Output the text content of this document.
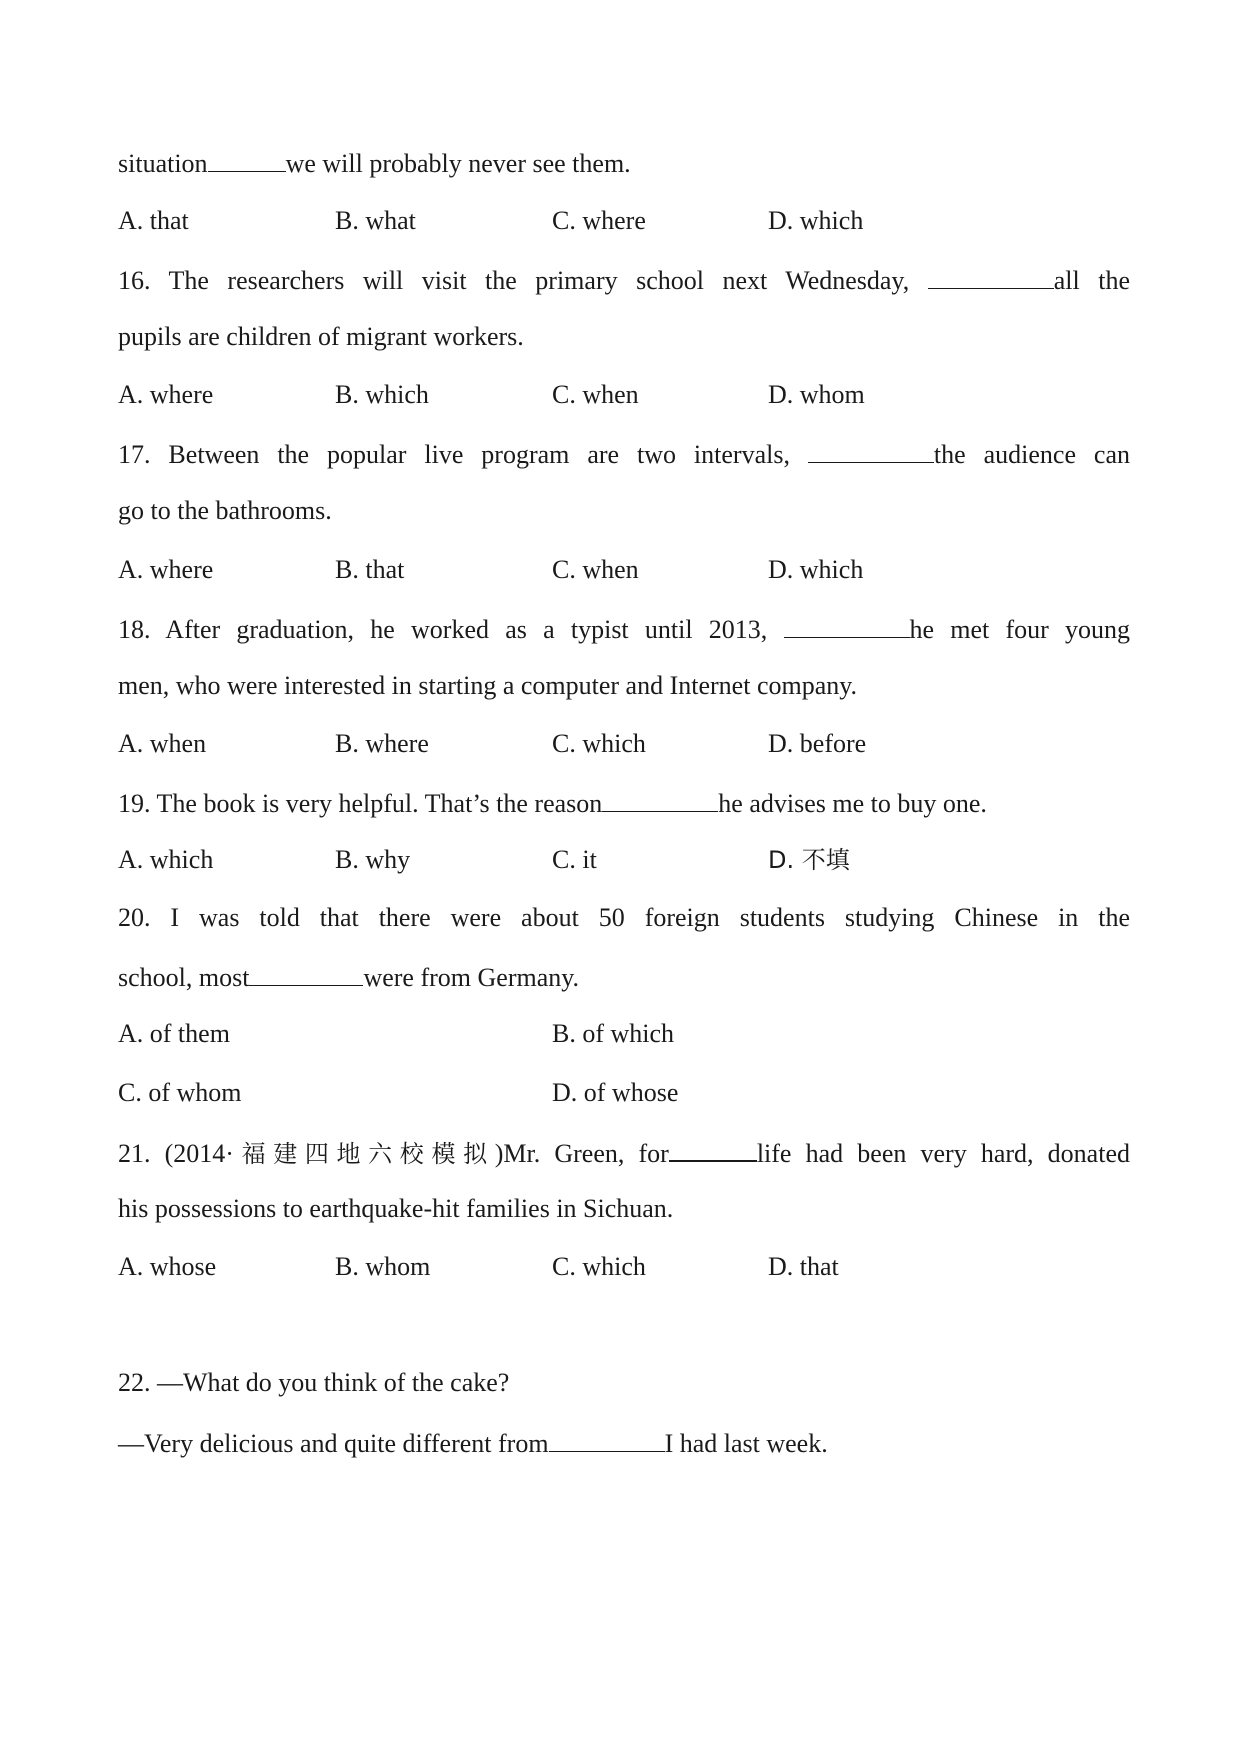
situation	we will probably never see them.
A. that	B. what	C. where	D. which
16. The researchers will visit the primary school next Wednesday,	all the
pupils are children of migrant workers.
A. where	B. which	C. when	D. whom
17. Between the popular live program are two intervals,	the audience can
go to the bathrooms.
A. where	B. that	C. when	D. which
18. After graduation, he worked as a typist until 2013,	he met four young
men, who were interested in starting a computer and Internet company.
A. when	B. where	C. which	D. before
19. The book is very helpful. That’s the reason	he advises me to buy one.
A. which	B. why	C. it	D. 不填
20. I was told that there were about 50 foreign students studying Chinese in the
school, most	were from Germany.
A. of them	B. of which
C. of whom	D. of whose
21. (2014·福建四地六校模拟)Mr. Green, for	life had been very hard, donated
his possessions to earthquake-hit families in Sichuan.
A. whose	B. whom	C. which	D. that
22. —What do you think of the cake?
—Very delicious and quite different from	I had last week.
